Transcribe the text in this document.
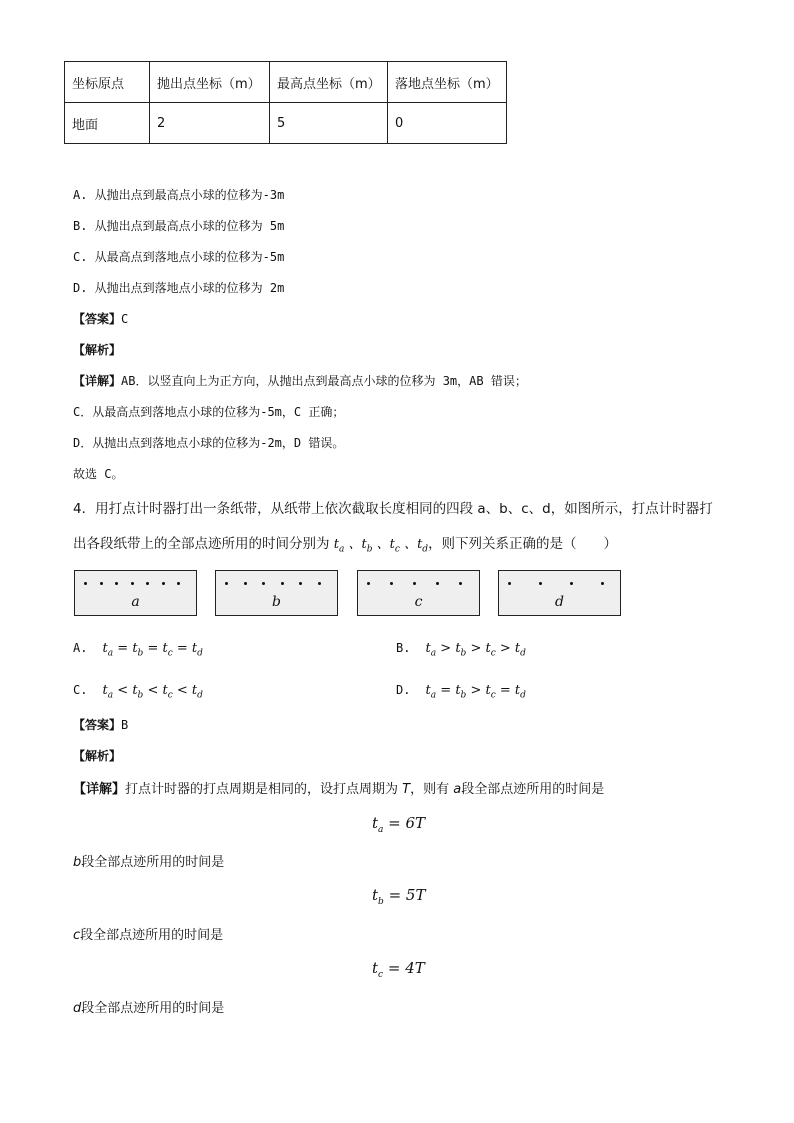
坐标原点	抛出点坐标（m）	最高点坐标（m）	落地点坐标（m）
地面	2	5	0
A. 从抛出点到最高点小球的位移为-3m
B. 从抛出点到最高点小球的位移为 5m
C. 从最高点到落地点小球的位移为-5m
D. 从抛出点到落地点小球的位移为 2m
【答案】C
【解析】
【详解】AB．以竖直向上为正方向，从抛出点到最高点小球的位移为 3m，AB 错误；
C．从最高点到落地点小球的位移为-5m，C 正确；
D．从抛出点到落地点小球的位移为-2m，D 错误。
故选 C。
4．用打点计时器打出一条纸带，从纸带上依次截取长度相同的四段 a、b、c、d，如图所示，打点计时器打
出各段纸带上的全部点迹所用的时间分别为 $t_a$ 、$t_b$ 、$t_c$ 、$t_d$，则下列关系正确的是（　　）
a	b	c	d
A. $t_a = t_b = t_c = t_d$	B. $t_a > t_b > t_c > t_d$
C. $t_a < t_b < t_c < t_d$	D. $t_a = t_b > t_c = t_d$
【答案】B
【解析】
【详解】打点计时器的打点周期是相同的，设打点周期为 T，则有 a段全部点迹所用的时间是
$t_a = 6T$
b段全部点迹所用的时间是
$t_b = 5T$
c段全部点迹所用的时间是
$t_c = 4T$
d段全部点迹所用的时间是
